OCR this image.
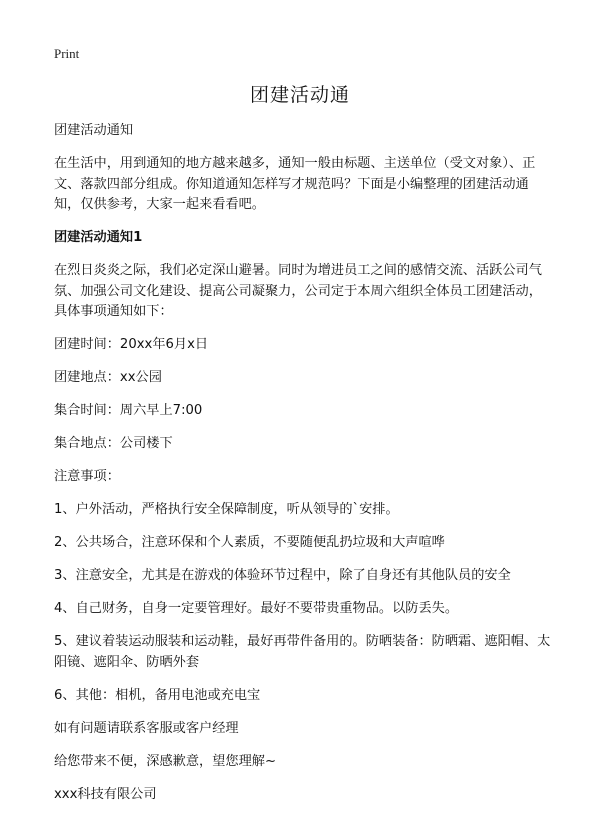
Print
团建活动通

团建活动通知

在生活中，用到通知的地方越来越多，通知一般由标题、主送单位（受文对象）、正文、落款四部分组成。你知道通知怎样写才规范吗？下面是小编整理的团建活动通知，仅供参考，大家一起来看看吧。

团建活动通知1

在烈日炎炎之际，我们必定深山避暑。同时为增进员工之间的感情交流、活跃公司气氛、加强公司文化建设、提高公司凝聚力，公司定于本周六组织全体员工团建活动，具体事项通知如下：

团建时间：20xx年6月x日

团建地点：xx公园

集合时间：周六早上7:00

集合地点：公司楼下

注意事项：

1、户外活动，严格执行安全保障制度，听从领导的`安排。

2、公共场合，注意环保和个人素质，不要随便乱扔垃圾和大声喧哗

3、注意安全，尤其是在游戏的体验环节过程中，除了自身还有其他队员的安全

4、自己财务，自身一定要管理好。最好不要带贵重物品。以防丢失。

5、建议着装运动服装和运动鞋，最好再带件备用的。防晒装备：防晒霜、遮阳帽、太阳镜、遮阳伞、防晒外套

6、其他：相机，备用电池或充电宝

如有问题请联系客服或客户经理

给您带来不便，深感歉意，望您理解~

xxx科技有限公司
